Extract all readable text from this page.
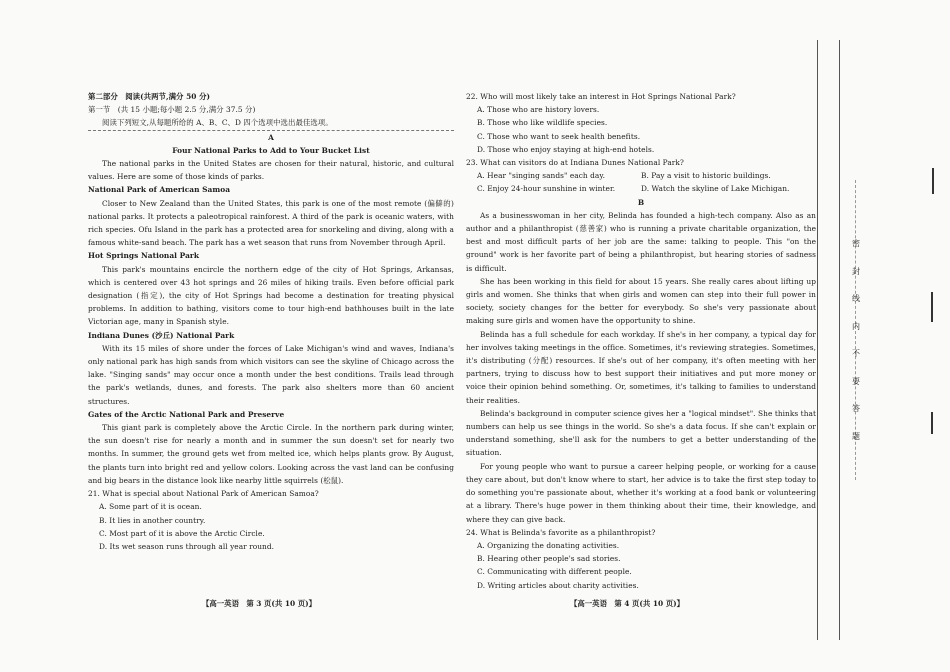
第二部分　阅读(共两节,满分 50 分)

第一节　(共 15 小题;每小题 2.5 分,满分 37.5 分)

阅读下列短文,从每题所给的 A、B、C、D 四个选项中选出最佳选项。

A

Four National Parks to Add to Your Bucket List

The national parks in the United States are chosen for their natural, historic, and cultural values. Here are some of those kinds of parks.

National Park of American Samoa

Closer to New Zealand than the United States, this park is one of the most remote (偏僻的) national parks. It protects a paleotropical rainforest. A third of the park is oceanic waters, with rich species. Ofu Island in the park has a protected area for snorkeling and diving, along with a famous white-sand beach. The park has a wet season that runs from November through April.

Hot Springs National Park

This park's mountains encircle the northern edge of the city of Hot Springs, Arkansas, which is centered over 43 hot springs and 26 miles of hiking trails. Even before official park designation (指定), the city of Hot Springs had become a destination for treating physical problems. In addition to bathing, visitors come to tour high-end bathhouses built in the late Victorian age, many in Spanish style.

Indiana Dunes (沙丘) National Park

With its 15 miles of shore under the forces of Lake Michigan's wind and waves, Indiana's only national park has high sands from which visitors can see the skyline of Chicago across the lake. "Singing sands" may occur once a month under the best conditions. Trails lead through the park's wetlands, dunes, and forests. The park also shelters more than 60 ancient structures.

Gates of the Arctic National Park and Preserve

This giant park is completely above the Arctic Circle. In the northern park during winter, the sun doesn't rise for nearly a month and in summer the sun doesn't set for nearly two months. In summer, the ground gets wet from melted ice, which helps plants grow. By August, the plants turn into bright red and yellow colors. Looking across the vast land can be confusing and big bears in the distance look like nearby little squirrels (松鼠).

21. What is special about National Park of American Samoa?

A. Some part of it is ocean.

B. It lies in another country.

C. Most part of it is above the Arctic Circle.

D. Its wet season runs through all year round.

22. Who will most likely take an interest in Hot Springs National Park?

A. Those who are history lovers.

B. Those who like wildlife species.

C. Those who want to seek health benefits.

D. Those who enjoy staying at high-end hotels.

23. What can visitors do at Indiana Dunes National Park?

A. Hear "singing sands" each day.	B. Pay a visit to historic buildings.
C. Enjoy 24-hour sunshine in winter.	D. Watch the skyline of Lake Michigan.

B

As a businesswoman in her city, Belinda has founded a high-tech company. Also as an author and a philanthropist (慈善家) who is running a private charitable organization, the best and most difficult parts of her job are the same: talking to people. This "on the ground" work is her favorite part of being a philanthropist, but hearing stories of sadness is difficult.

She has been working in this field for about 15 years. She really cares about lifting up girls and women. She thinks that when girls and women can step into their full power in society, society changes for the better for everybody. So she's very passionate about making sure girls and women have the opportunity to shine.

Belinda has a full schedule for each workday. If she's in her company, a typical day for her involves taking meetings in the office. Sometimes, it's reviewing strategies. Sometimes, it's distributing (分配) resources. If she's out of her company, it's often meeting with her partners, trying to discuss how to best support their initiatives and put more money or voice their opinion behind something. Or, sometimes, it's talking to families to understand their realities.

Belinda's background in computer science gives her a "logical mindset". She thinks that numbers can help us see things in the world. So she's a data focus. If she can't explain or understand something, she'll ask for the numbers to get a better understanding of the situation.

For young people who want to pursue a career helping people, or working for a cause they care about, but don't know where to start, her advice is to take the first step today to do something you're passionate about, whether it's working at a food bank or volunteering at a library. There's huge power in them thinking about their time, their knowledge, and where they can give back.

24. What is Belinda's favorite as a philanthropist?

A. Organizing the donating activities.

B. Hearing other people's sad stories.

C. Communicating with different people.

D. Writing articles about charity activities.

【高一英语　第 3 页(共 10 页)】	【高一英语　第 4 页(共 10 页)】
密
封
线
内
不
要
答
题
